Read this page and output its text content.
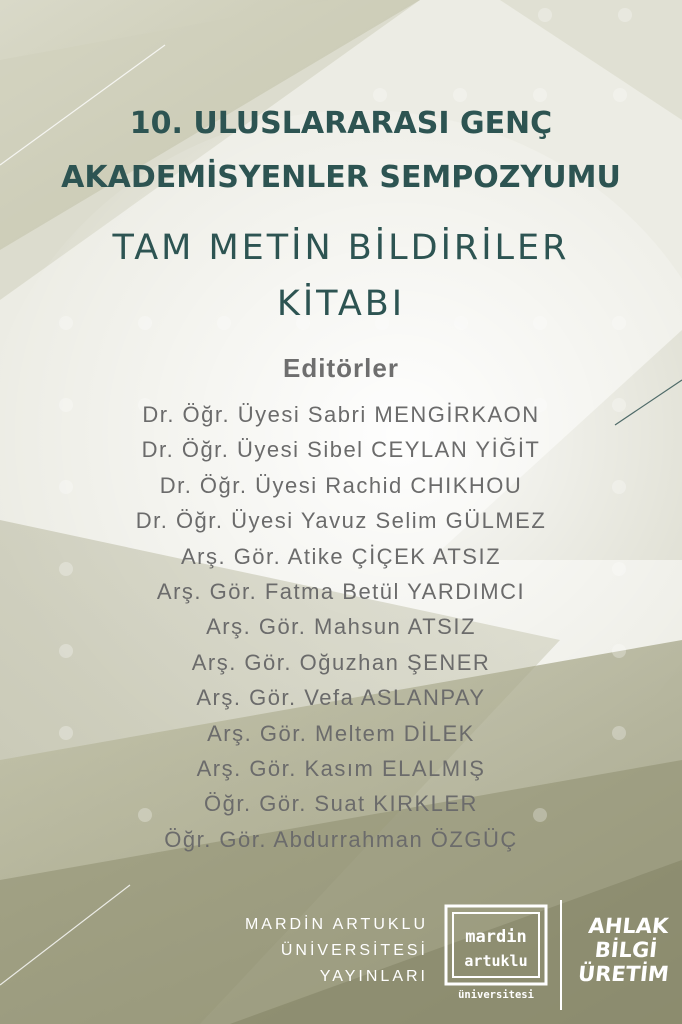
10. ULUSLARARASI GENÇ
AKADEMİSYENLER SEMPOZYUMU
TAM METİN BİLDİRİLER
KİTABI
Editörler
Dr. Öğr. Üyesi Sabri MENGİRKAON
Dr. Öğr. Üyesi Sibel CEYLAN YİĞİT
Dr. Öğr. Üyesi Rachid CHIKHOU
Dr. Öğr. Üyesi Yavuz Selim GÜLMEZ
Arş. Gör. Atike ÇİÇEK ATSIZ
Arş. Gör. Fatma Betül YARDIMCI
Arş. Gör. Mahsun ATSIZ
Arş. Gör. Oğuzhan ŞENER
Arş. Gör. Vefa ASLANPAY
Arş. Gör. Meltem DİLEK
Arş. Gör. Kasım ELALMIŞ
Öğr. Gör. Suat KIRKLER
Öğr. Gör. Abdurrahman ÖZGÜÇ
MARDİN ARTUKLU
ÜNİVERSİTESİ
YAYINLARI
mardin
artuklu
üniversitesi
AHLAK
BİLGİ
ÜRETİM
